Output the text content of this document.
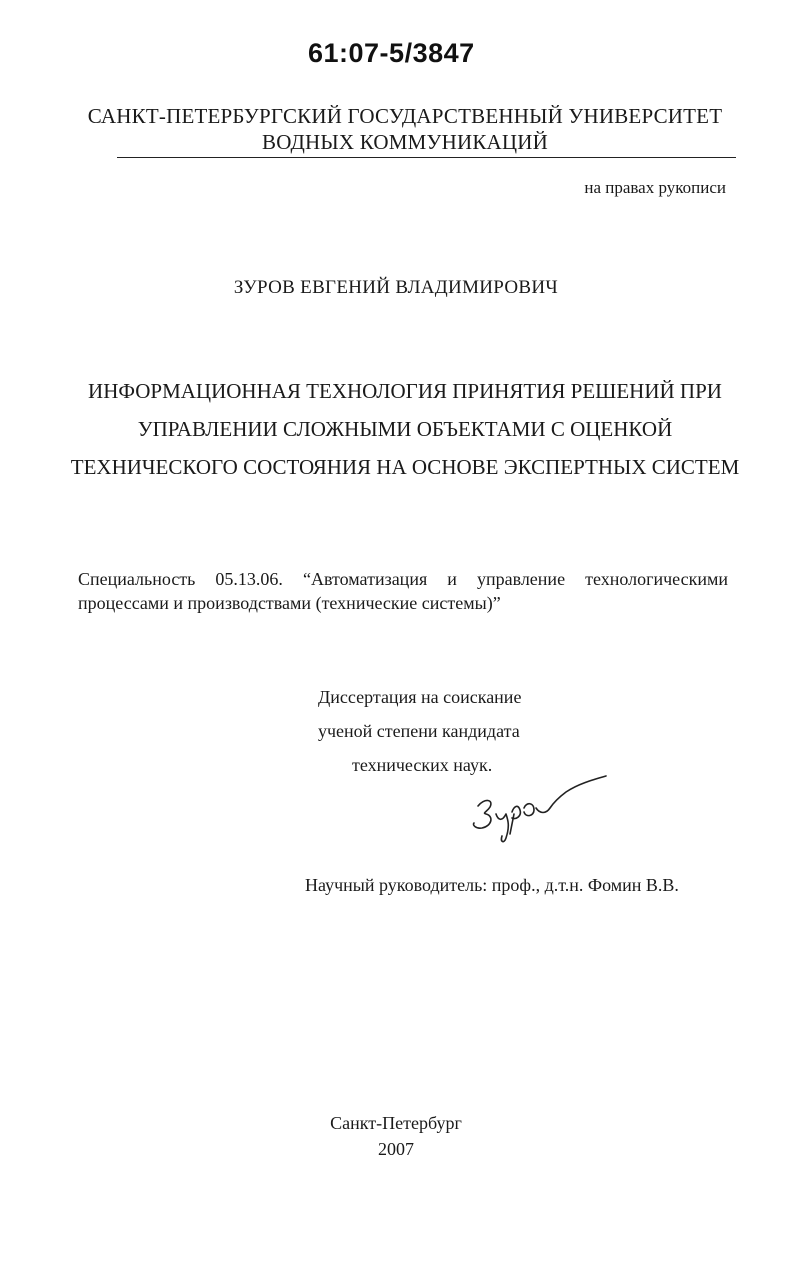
61:07-5/3847
САНКТ-ПЕТЕРБУРГСКИЙ ГОСУДАРСТВЕННЫЙ УНИВЕРСИТЕТ
ВОДНЫХ КОММУНИКАЦИЙ
на правах рукописи
ЗУРОВ ЕВГЕНИЙ ВЛАДИМИРОВИЧ
ИНФОРМАЦИОННАЯ ТЕХНОЛОГИЯ ПРИНЯТИЯ РЕШЕНИЙ ПРИ
УПРАВЛЕНИИ СЛОЖНЫМИ ОБЪЕКТАМИ С ОЦЕНКОЙ
ТЕХНИЧЕСКОГО СОСТОЯНИЯ НА ОСНОВЕ ЭКСПЕРТНЫХ СИСТЕМ
Специальность 05.13.06. “Автоматизация и управление технологическими
процессами и производствами (технические системы)”
Диссертация на соискание
ученой степени кандидата
технических наук.
Научный руководитель: проф., д.т.н. Фомин В.В.
Санкт-Петербург
2007
